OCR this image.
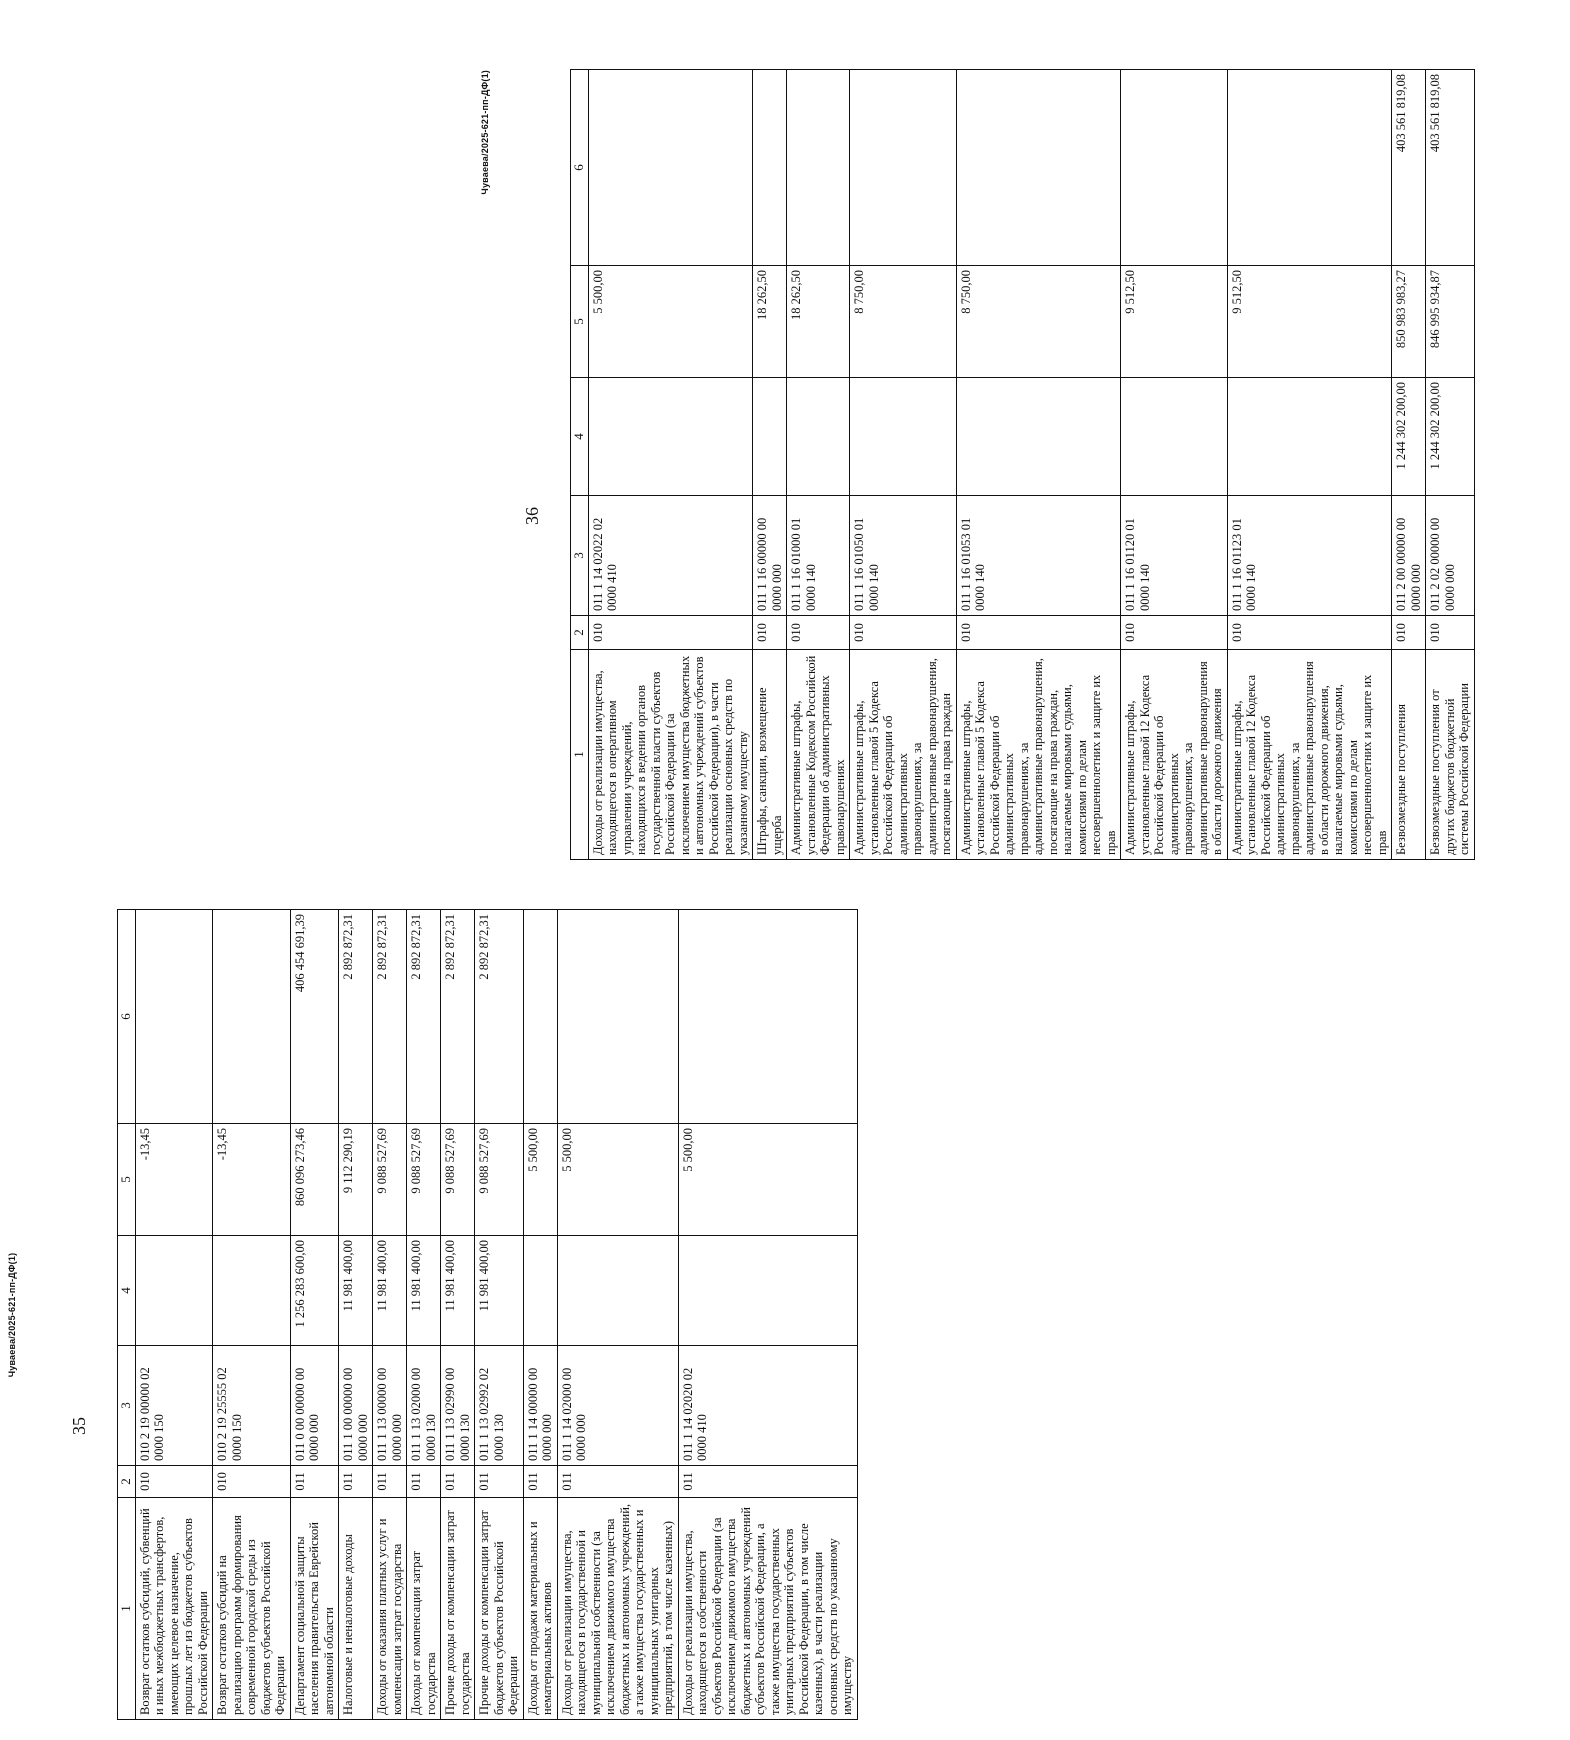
35
Чуваева/2025-621-пп-ДФ(1)
1	2	3	4	5	6
Возврат остатков субсидий, субвенций и иных межбюджетных трансфертов, имеющих целевое назначение, прошлых лет из бюджетов субъектов Российской Федерации	010	010 2 19 00000 02 0000 150		-13,45	
Возврат остатков субсидий на реализацию программ формирования современной городской среды из бюджетов субъектов Российской Федерации	010	010 2 19 25555 02 0000 150		-13,45	
Департамент социальной защиты населения правительства Еврейской автономной области	011	011 0 00 00000 00 0000 000	1 256 283 600,00	860 096 273,46	406 454 691,39
Налоговые и неналоговые доходы	011	011 1 00 00000 00 0000 000	11 981 400,00	9 112 290,19	2 892 872,31
Доходы от оказания платных услуг и компенсации затрат государства	011	011 1 13 00000 00 0000 000	11 981 400,00	9 088 527,69	2 892 872,31
Доходы от компенсации затрат государства	011	011 1 13 02000 00 0000 130	11 981 400,00	9 088 527,69	2 892 872,31
Прочие доходы от компенсации затрат государства	011	011 1 13 02990 00 0000 130	11 981 400,00	9 088 527,69	2 892 872,31
Прочие доходы от компенсации затрат бюджетов субъектов Российской Федерации	011	011 1 13 02992 02 0000 130	11 981 400,00	9 088 527,69	2 892 872,31
Доходы от продажи материальных и нематериальных активов	011	011 1 14 00000 00 0000 000		5 500,00	
Доходы от реализации имущества, находящегося в государственной и муниципальной собственности (за исключением движимого имущества бюджетных и автономных учреждений, а также имущества государственных и муниципальных унитарных предприятий, в том числе казенных)	011	011 1 14 02000 00 0000 000		5 500,00	
Доходы от реализации имущества, находящегося в собственности субъектов Российской Федерации (за исключением движимого имущества бюджетных и автономных учреждений субъектов Российской Федерации, а также имущества государственных унитарных предприятий субъектов Российской Федерации, в том числе казенных), в части реализации основных средств по указанному имуществу	011	011 1 14 02020 02 0000 410		5 500,00	
36
Чуваева/2025-621-пп-ДФ(1)
1	2	3	4	5	6
Доходы от реализации имущества, находящегося в оперативном управлении учреждений, находящихся в ведении органов государственной власти субъектов Российской Федерации (за исключением имущества бюджетных и автономных учреждений субъектов Российской Федерации), в части реализации основных средств по указанному имуществу	010	011 1 14 02022 02 0000 410		5 500,00	
Штрафы, санкции, возмещение ущерба	010	011 1 16 00000 00 0000 000		18 262,50	
Административные штрафы, установленные Кодексом Российской Федерации об административных правонарушениях	010	011 1 16 01000 01 0000 140		18 262,50	
Административные штрафы, установленные главой 5 Кодекса Российской Федерации об административных правонарушениях, за административные правонарушения, посягающие на права граждан	010	011 1 16 01050 01 0000 140		8 750,00	
Административные штрафы, установленные главой 5 Кодекса Российской Федерации об административных правонарушениях, за административные правонарушения, посягающие на права граждан, налагаемые мировыми судьями, комиссиями по делам несовершеннолетних и защите их прав	010	011 1 16 01053 01 0000 140		8 750,00	
Административные штрафы, установленные главой 12 Кодекса Российской Федерации об административных правонарушениях, за административные правонарушения в области дорожного движения	010	011 1 16 01120 01 0000 140		9 512,50	
Административные штрафы, установленные главой 12 Кодекса Российской Федерации об административных правонарушениях, за административные правонарушения в области дорожного движения, налагаемые мировыми судьями, комиссиями по делам несовершеннолетних и защите их прав	010	011 1 16 01123 01 0000 140		9 512,50	
Безвозмездные поступления	010	011 2 00 00000 00 0000 000	1 244 302 200,00	850 983 983,27	403 561 819,08
Безвозмездные поступления от других бюджетов бюджетной системы Российской Федерации	010	011 2 02 00000 00 0000 000	1 244 302 200,00	846 995 934,87	403 561 819,08
